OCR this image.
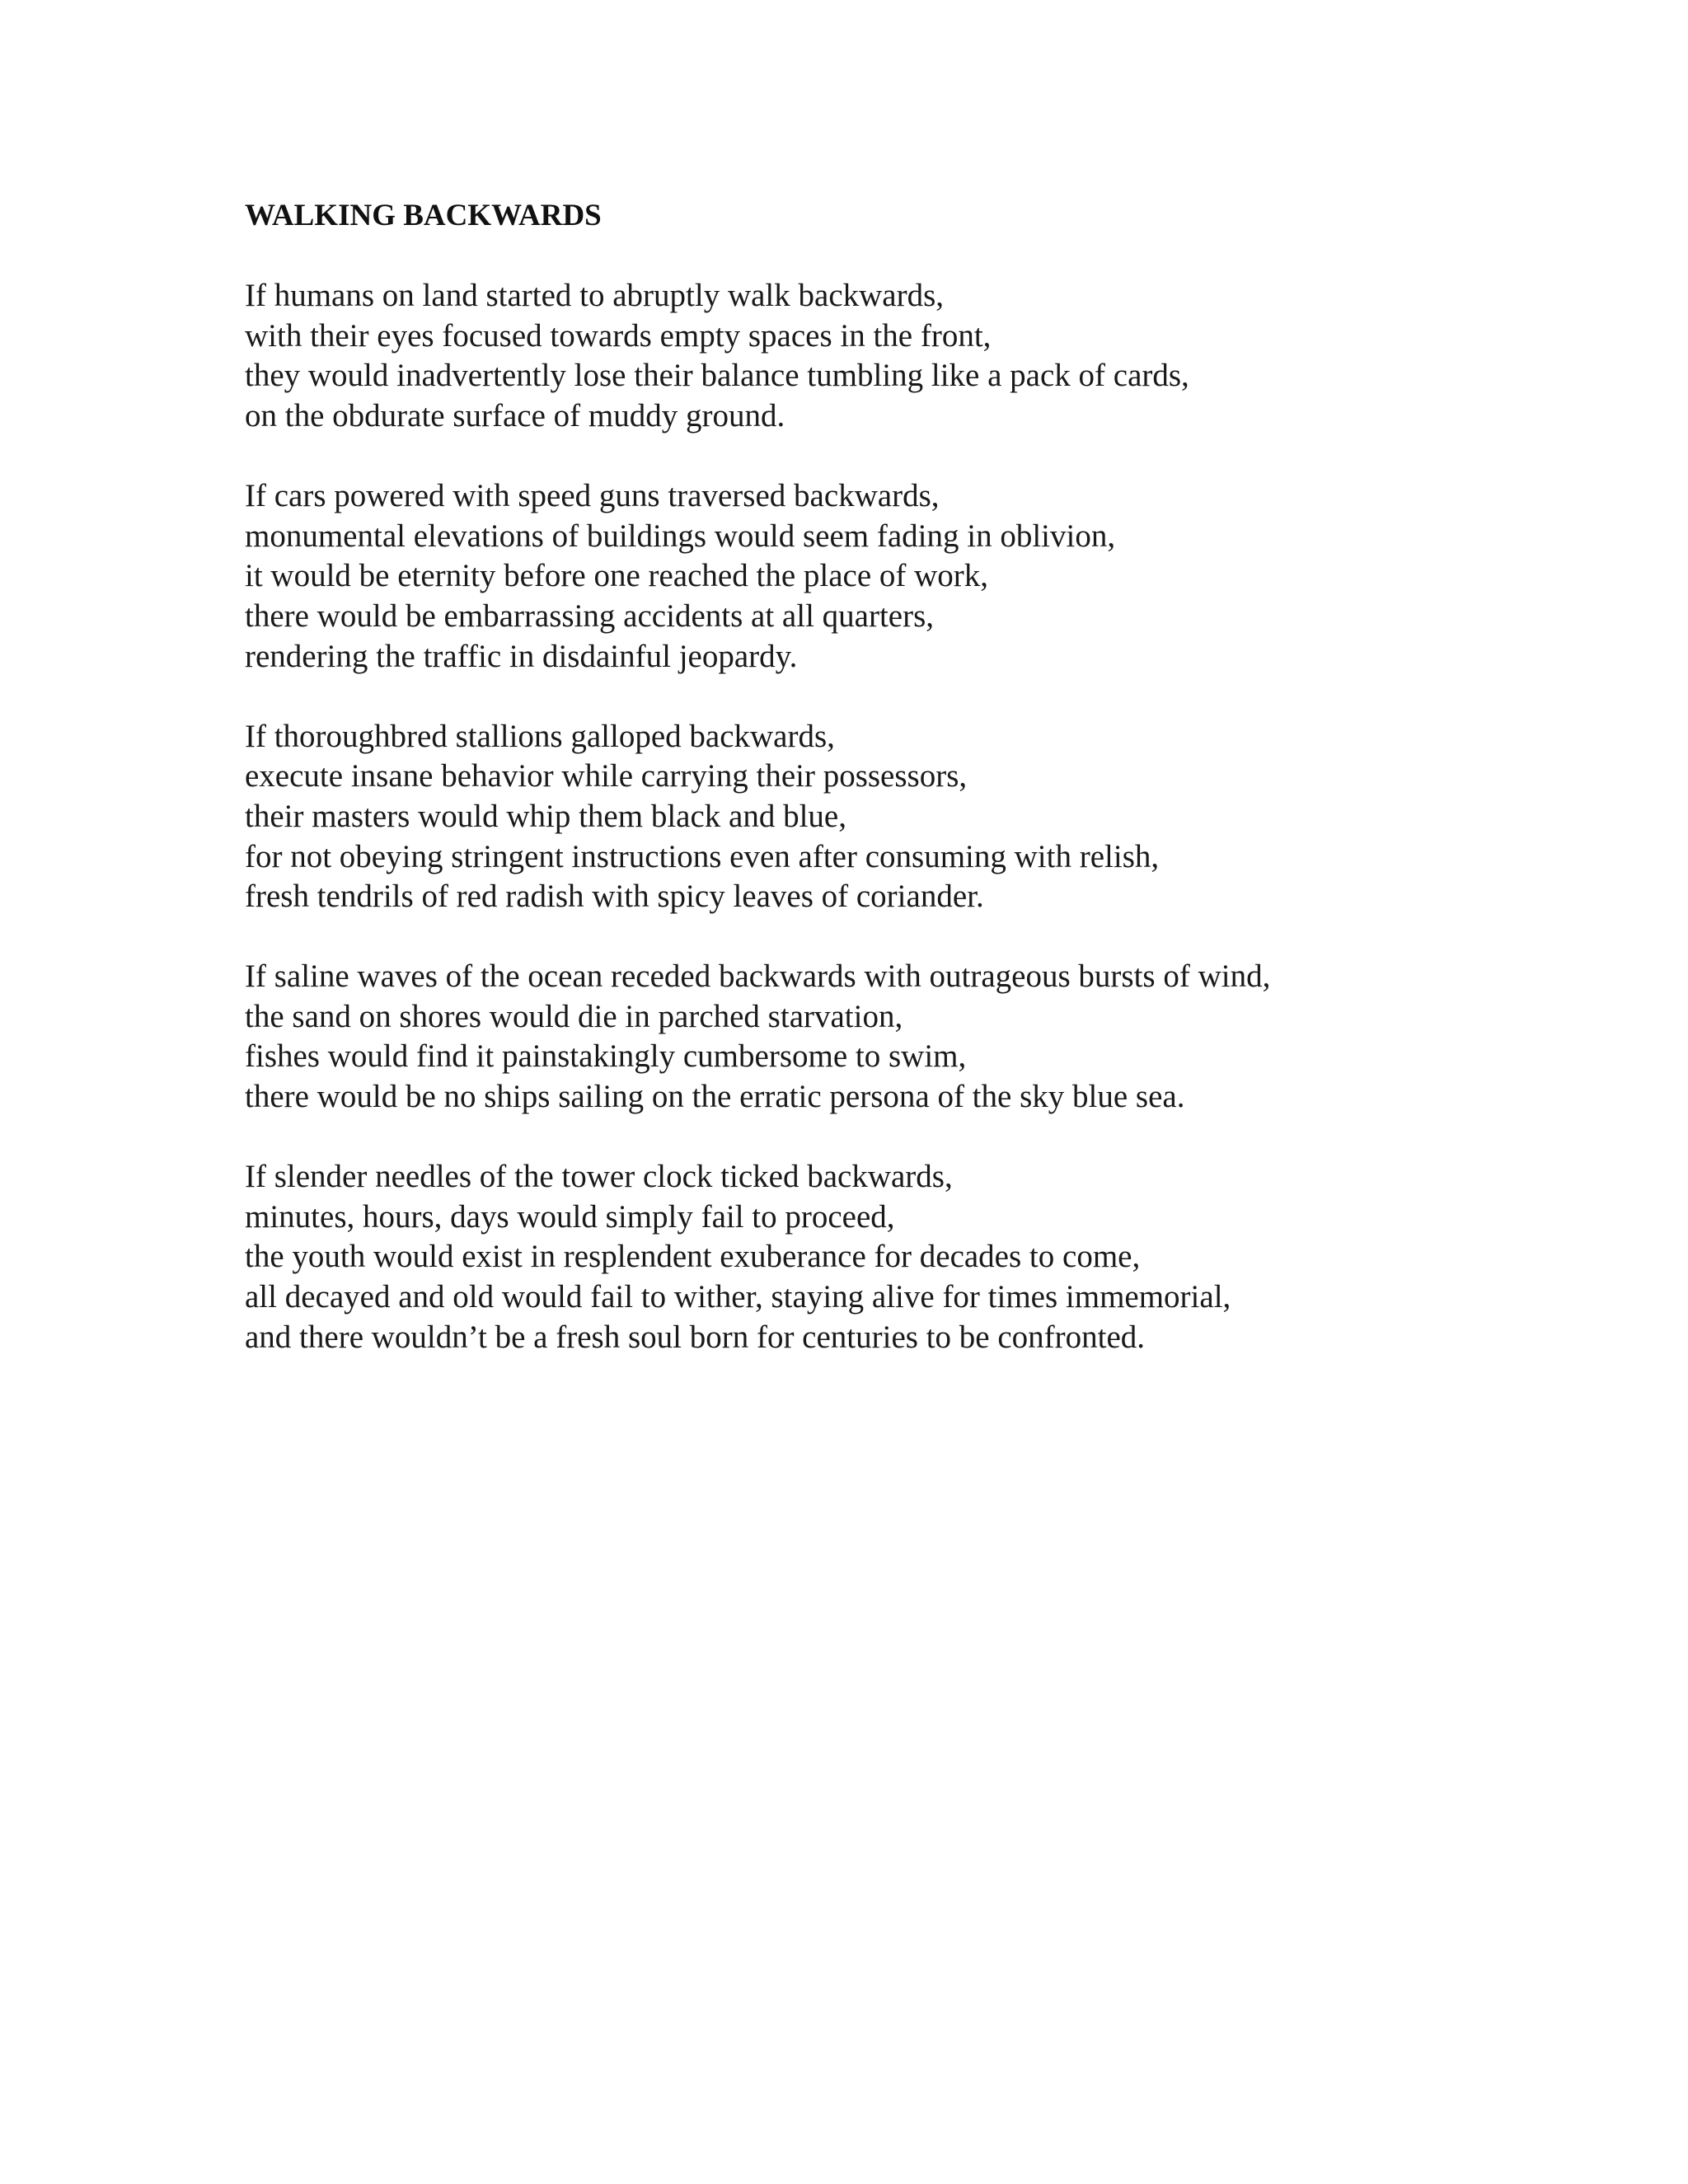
WALKING BACKWARDS
If humans on land started to abruptly walk backwards,
with their eyes focused towards empty spaces in the front,
they would inadvertently lose their balance tumbling like a pack of cards,
on the obdurate surface of muddy ground.
If cars powered with speed guns traversed backwards,
monumental elevations of buildings would seem fading in oblivion,
it would be eternity before one reached the place of work,
there would be embarrassing accidents at all quarters,
rendering the traffic in disdainful jeopardy.
If thoroughbred stallions galloped backwards,
execute insane behavior while carrying their possessors,
their masters would whip them black and blue,
for not obeying stringent instructions even after consuming with relish,
fresh tendrils of red radish with spicy leaves of coriander.
If saline waves of the ocean receded backwards with outrageous bursts of wind,
the sand on shores would die in parched starvation,
fishes would find it painstakingly cumbersome to swim,
there would be no ships sailing on the erratic persona of the sky blue sea.
If slender needles of the tower clock ticked backwards,
minutes, hours, days would simply fail to proceed,
the youth would exist in resplendent exuberance for decades to come,
all decayed and old would fail to wither, staying alive for times immemorial,
and there wouldn’t be a fresh soul born for centuries to be confronted.
